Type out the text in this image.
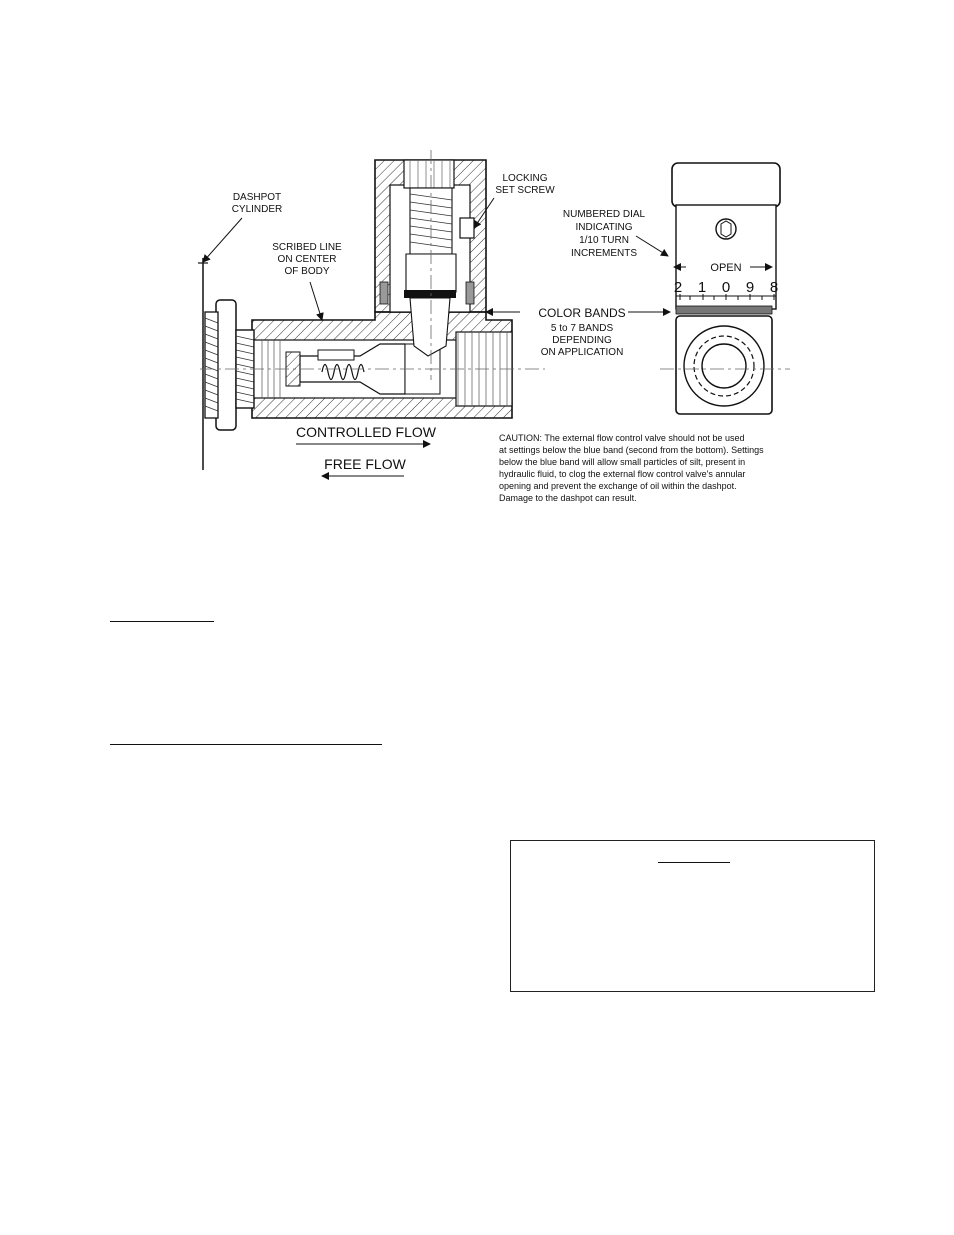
DASHPOT
CYLINDER
SCRIBED LINE
ON CENTER
OF BODY
LOCKING
SET SCREW
NUMBERED DIAL
INDICATING
1/10 TURN
INCREMENTS
OPEN
2 1 0 9 8
COLOR BANDS
5 to 7 BANDS
DEPENDING
ON APPLICATION
CONTROLLED FLOW
FREE FLOW
CAUTION: The external flow control valve should not be used
at settings below the blue band (second from the bottom). Settings
below the blue band will allow small particles of silt, present in
hydraulic fluid, to clog the external flow control valve's annular
opening and prevent the exchange of oil within the dashpot.
Damage to the dashpot can result.
